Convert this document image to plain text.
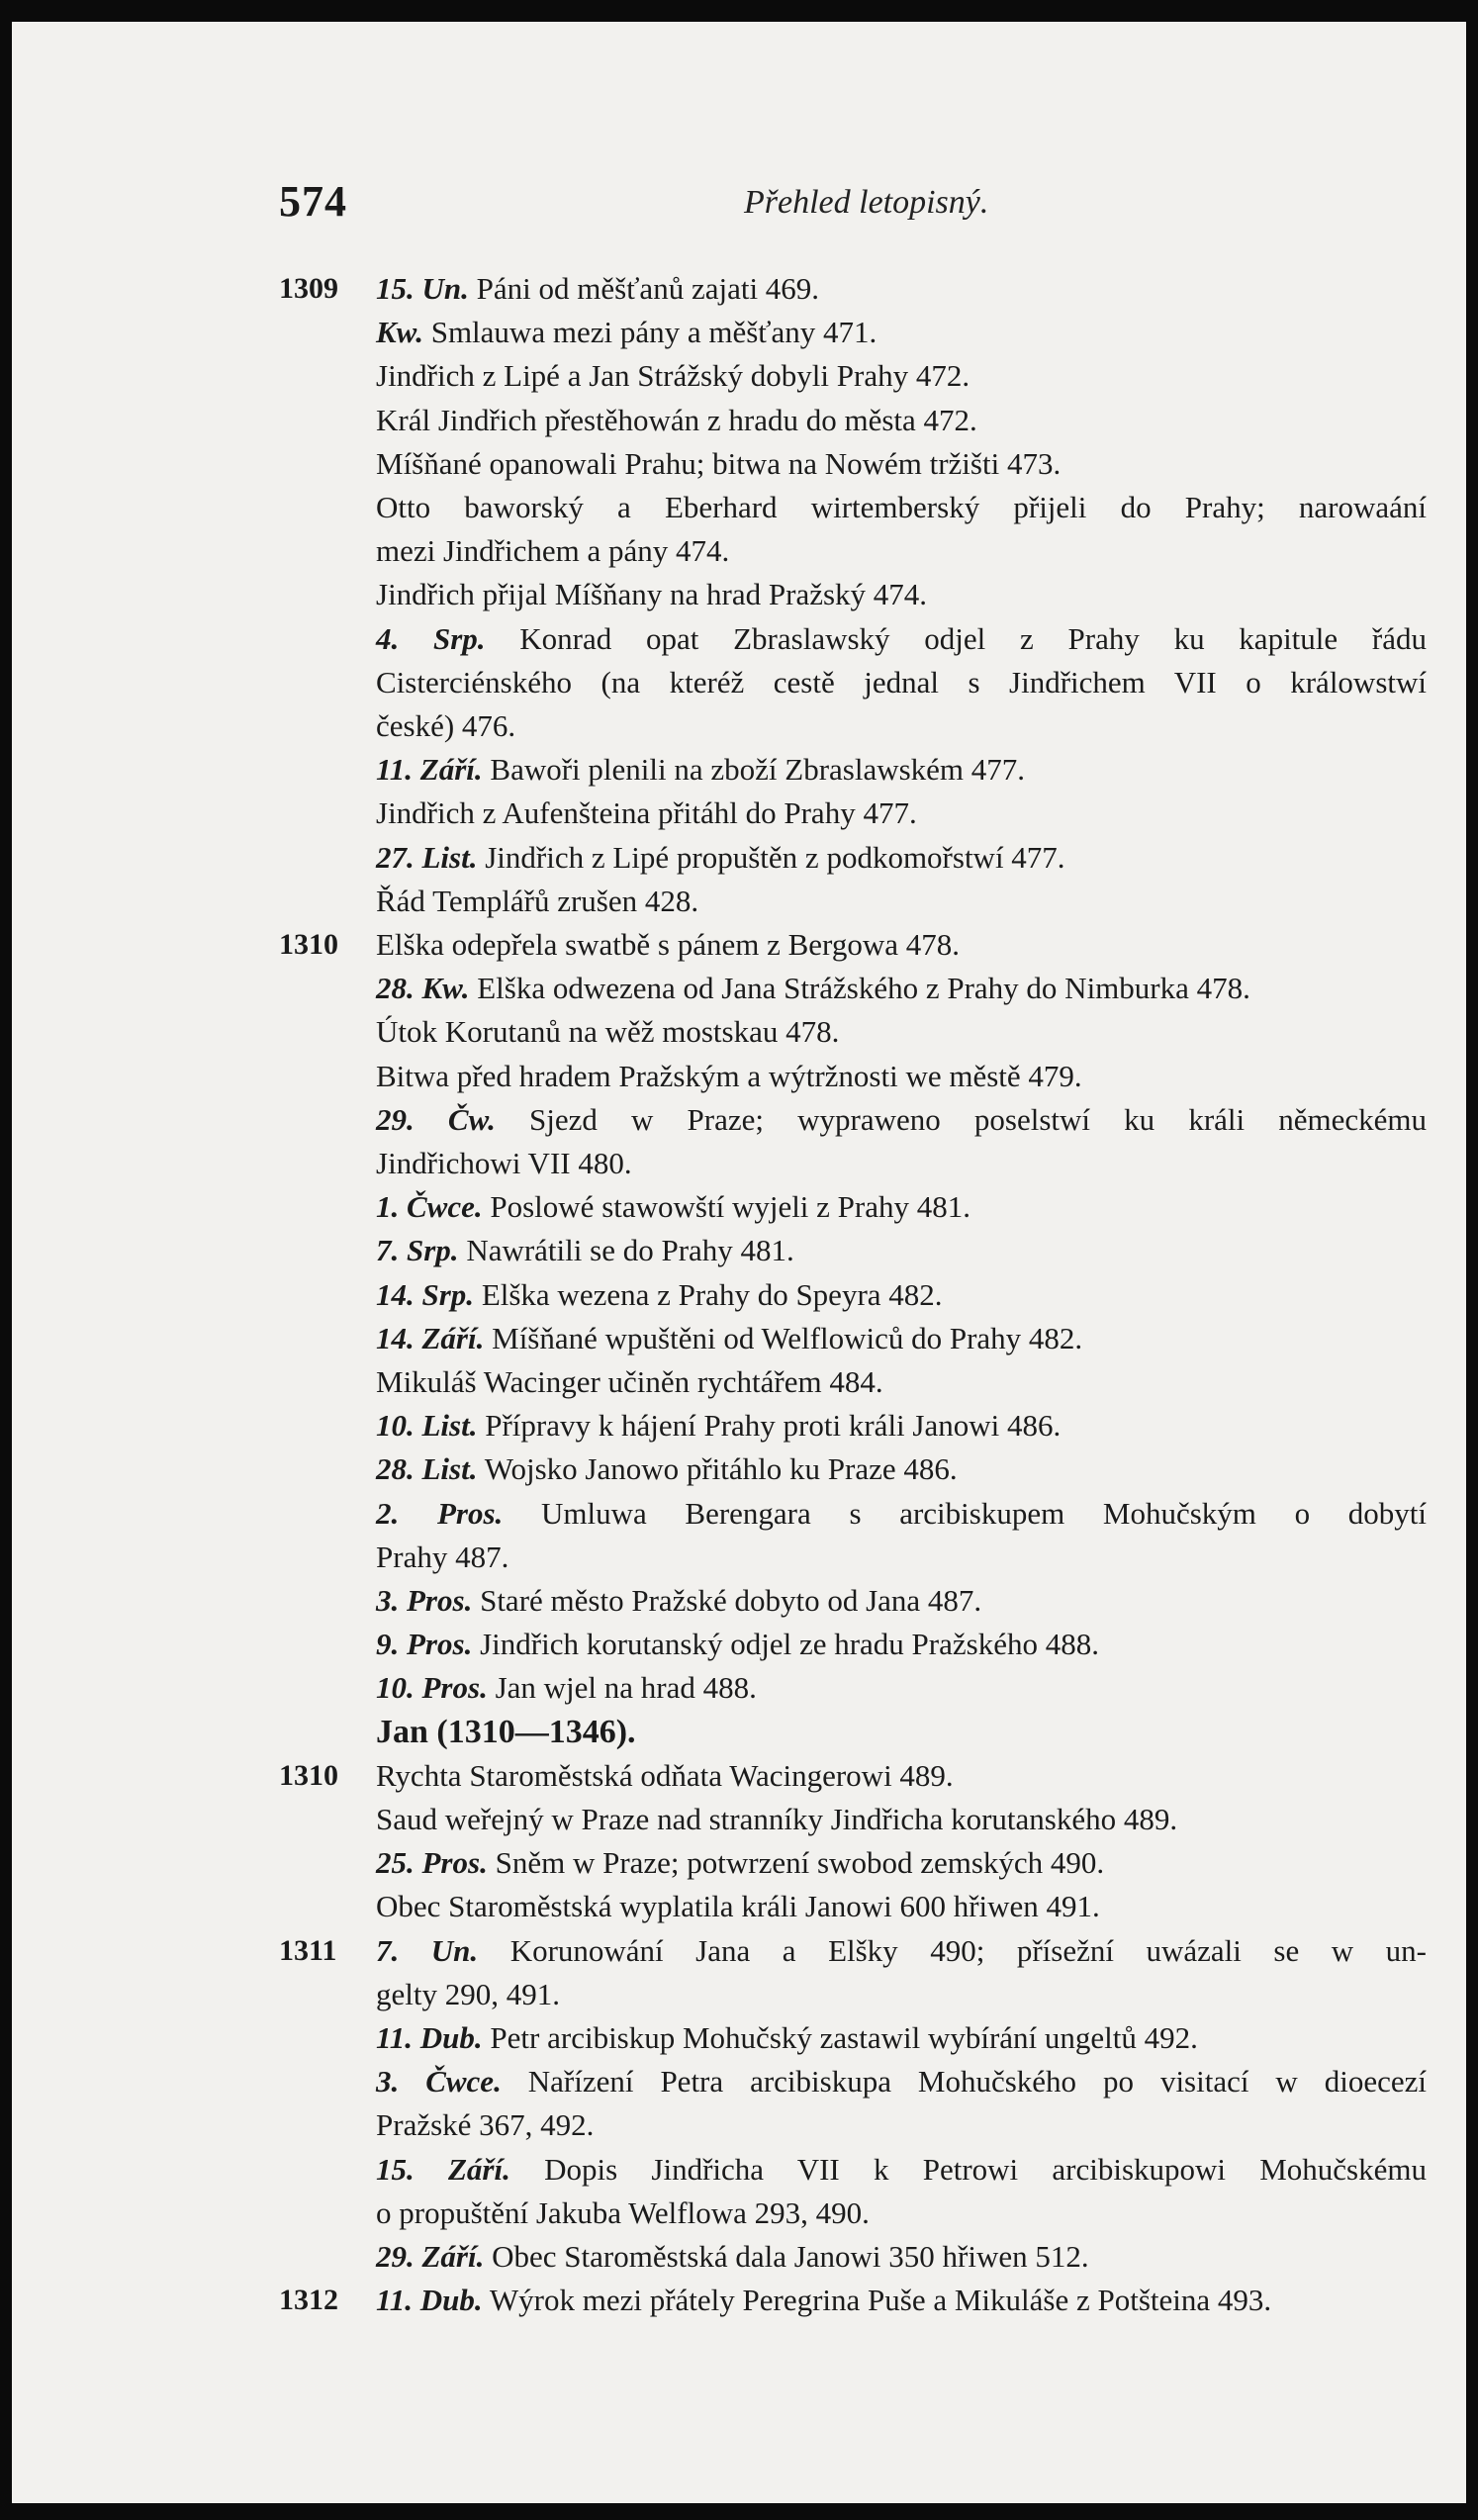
574	Přehled letopisný.
1309 15. Un. Páni od měšťanů zajati 469.
Kw. Smlauwa mezi pány a měšťany 471.
Jindřich z Lipé a Jan Strážský dobyli Prahy 472.
Král Jindřich přestěhowán z hradu do města 472.
Míšňané opanowali Prahu; bitwa na Nowém tržišti 473.
Otto baworský a Eberhard wirtemberský přijeli do Prahy; narowaání
mezi Jindřichem a pány 474.
Jindřich přijal Míšňany na hrad Pražský 474.
4. Srp. Konrad opat Zbraslawský odjel z Prahy ku kapitule řádu
Cisterciénského (na kteréž cestě jednal s Jindřichem VII o králowstwí
české) 476.
11. Září. Bawoři plenili na zboží Zbraslawském 477.
Jindřich z Aufenšteina přitáhl do Prahy 477.
27. List. Jindřich z Lipé propuštěn z podkomořstwí 477.
Řád Templářů zrušen 428.
1310 Elška odepřela swatbě s pánem z Bergowa 478.
28. Kw. Elška odwezena od Jana Strážského z Prahy do Nimburka 478.
Útok Korutanů na wěž mostskau 478.
Bitwa před hradem Pražským a wýtržnosti we městě 479.
29. Čw. Sjezd w Praze; wypraweno poselstwí ku králi německému
Jindřichowi VII 480.
1. Čwce. Poslowé stawowští wyjeli z Prahy 481.
7. Srp. Nawrátili se do Prahy 481.
14. Srp. Elška wezena z Prahy do Speyra 482.
14. Září. Míšňané wpuštěni od Welflowiců do Prahy 482.
Mikuláš Wacinger učiněn rychtářem 484.
10. List. Přípravy k hájení Prahy proti králi Janowi 486.
28. List. Wojsko Janowo přitáhlo ku Praze 486.
2. Pros. Umluwa Berengara s arcibiskupem Mohučským o dobytí
Prahy 487.
3. Pros. Staré město Pražské dobyto od Jana 487.
9. Pros. Jindřich korutanský odjel ze hradu Pražského 488.
10. Pros. Jan wjel na hrad 488.
Jan (1310—1346).
1310 Rychta Staroměstská odňata Wacingerowi 489.
Saud weřejný w Praze nad stranníky Jindřicha korutanského 489.
25. Pros. Sněm w Praze; potwrzení swobod zemských 490.
Obec Staroměstská wyplatila králi Janowi 600 hřiwen 491.
1311 7. Un. Korunowání Jana a Elšky 490; přísežní uwázali se w un-
gelty 290, 491.
11. Dub. Petr arcibiskup Mohučský zastawil wybírání ungeltů 492.
3. Čwce. Nařízení Petra arcibiskupa Mohučského po visitací w dioecezí
Pražské 367, 492.
15. Září. Dopis Jindřicha VII k Petrowi arcibiskupowi Mohučskému
o propuštění Jakuba Welflowa 293, 490.
29. Září. Obec Staroměstská dala Janowi 350 hřiwen 512.
1312 11. Dub. Wýrok mezi přátely Peregrina Puše a Mikuláše z Potšteina 493.
